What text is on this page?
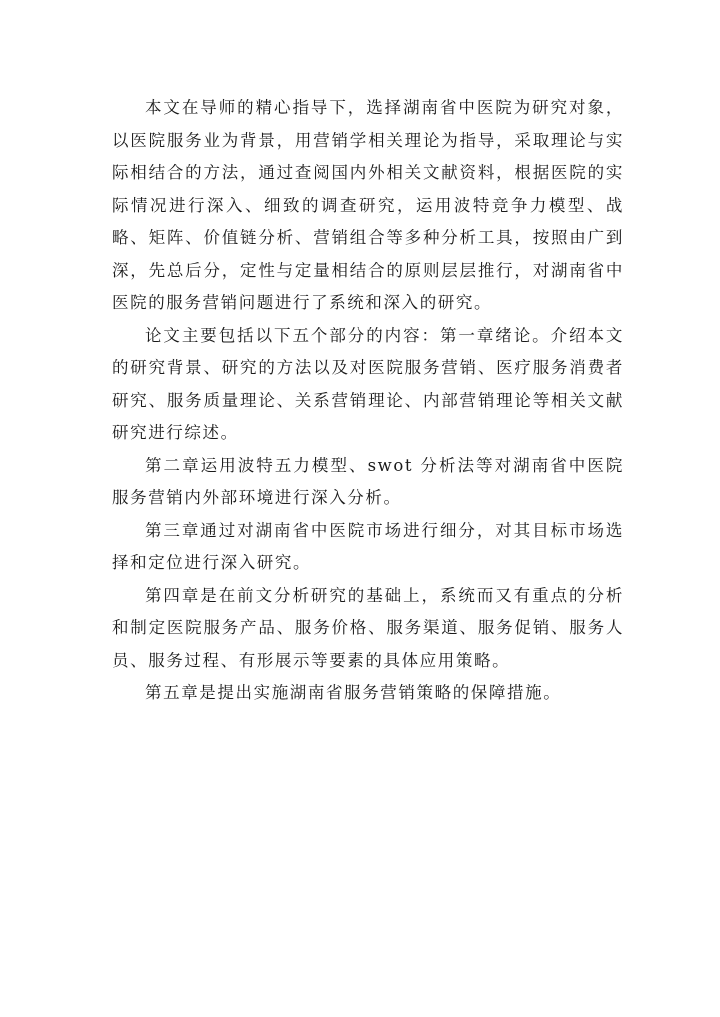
本文在导师的精心指导下，选择湖南省中医院为研究对象，以医院服务业为背景，用营销学相关理论为指导，采取理论与实际相结合的方法，通过查阅国内外相关文献资料，根据医院的实际情况进行深入、细致的调查研究，运用波特竞争力模型、战略、矩阵、价值链分析、营销组合等多种分析工具，按照由广到深，先总后分，定性与定量相结合的原则层层推行，对湖南省中医院的服务营销问题进行了系统和深入的研究。

论文主要包括以下五个部分的内容：第一章绪论。介绍本文的研究背景、研究的方法以及对医院服务营销、医疗服务消费者研究、服务质量理论、关系营销理论、内部营销理论等相关文献研究进行综述。

第二章运用波特五力模型、swot 分析法等对湖南省中医院服务营销内外部环境进行深入分析。

第三章通过对湖南省中医院市场进行细分，对其目标市场选择和定位进行深入研究。

第四章是在前文分析研究的基础上，系统而又有重点的分析和制定医院服务产品、服务价格、服务渠道、服务促销、服务人员、服务过程、有形展示等要素的具体应用策略。

第五章是提出实施湖南省服务营销策略的保障措施。
